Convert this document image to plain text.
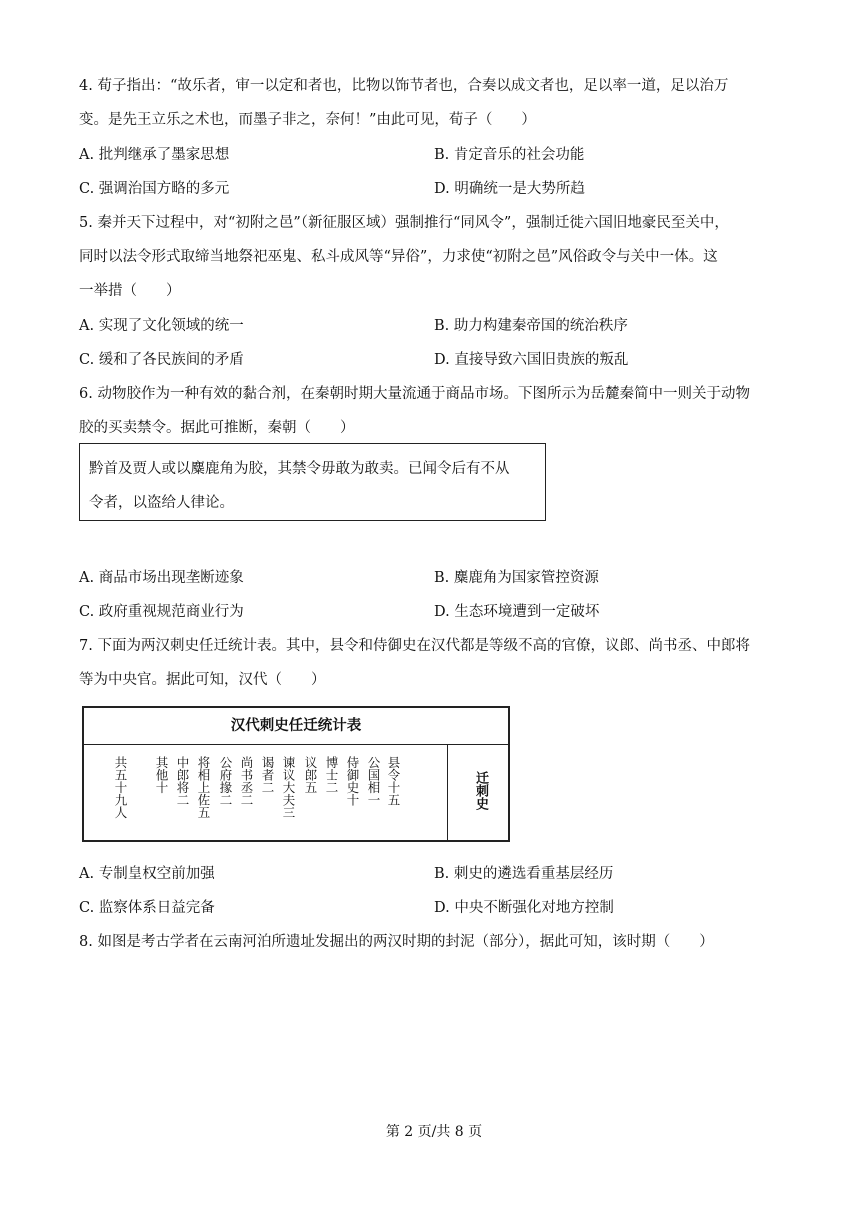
4. 荀子指出：“故乐者，审一以定和者也，比物以饰节者也，合奏以成文者也，足以率一道，足以治万
变。是先王立乐之术也，而墨子非之，奈何！”由此可见，荀子（　　）
A. 批判继承了墨家思想	B. 肯定音乐的社会功能
C. 强调治国方略的多元	D. 明确统一是大势所趋
5. 秦并天下过程中，对“初附之邑”（新征服区域）强制推行“同风令”，强制迁徙六国旧地豪民至关中，
同时以法令形式取缔当地祭祀巫鬼、私斗成风等“异俗”，力求使“初附之邑”风俗政令与关中一体。这
一举措（　　）
A. 实现了文化领域的统一	B. 助力构建秦帝国的统治秩序
C. 缓和了各民族间的矛盾	D. 直接导致六国旧贵族的叛乱
6. 动物胶作为一种有效的黏合剂，在秦朝时期大量流通于商品市场。下图所示为岳麓秦简中一则关于动物
胶的买卖禁令。据此可推断，秦朝（　　）
黔首及贾人或以麋鹿角为胶，其禁令毋敢为敢卖。已闻令后有不从
令者，以盗给人律论。
A. 商品市场出现垄断迹象	B. 麋鹿角为国家管控资源
C. 政府重视规范商业行为	D. 生态环境遭到一定破坏
7. 下面为两汉刺史任迁统计表。其中，县令和侍御史在汉代都是等级不高的官僚，议郎、尚书丞、中郎将
等为中央官。据此可知，汉代（　　）
汉代刺史任迁统计表
迁刺史
县令十五
公国相一
侍御史十
博士二
议郎五
谏议大夫三
谒者二
尚书丞二
公府掾二
将相上佐五
中郎将二
其他十
共五十九人
A. 专制皇权空前加强	B. 刺史的遴选看重基层经历
C. 监察体系日益完备	D. 中央不断强化对地方控制
8. 如图是考古学者在云南河泊所遗址发掘出的两汉时期的封泥（部分），据此可知，该时期（　　）
第 2 页/共 8 页
